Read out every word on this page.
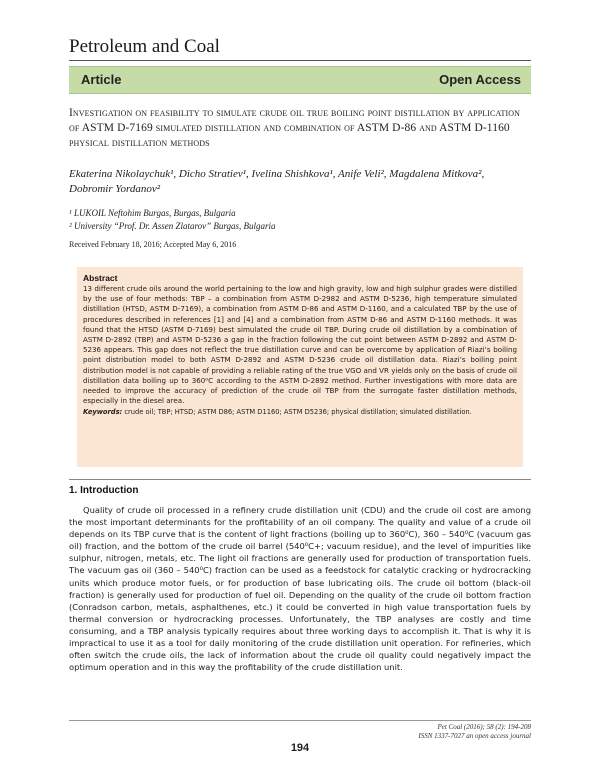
Petroleum and Coal
Article	Open Access
Investigation on feasibility to simulate crude oil true boiling point distillation by application of ASTM D-7169 simulated distillation and combination of ASTM D-86 and ASTM D-1160 physical distillation methods
Ekaterina Nikolaychuk¹, Dicho Stratiev¹, Ivelina Shishkova¹, Anife Veli², Magdalena Mitkova², Dobromir Yordanov²
¹ LUKOIL Neftohim Burgas, Burgas, Bulgaria
² University “Prof. Dr. Assen Zlatarov” Burgas, Bulgaria
Received February 18, 2016; Accepted May 6, 2016
Abstract
13 different crude oils around the world pertaining to the low and high gravity, low and high sulphur grades were distilled by the use of four methods: TBP – a combination from ASTM D-2982 and ASTM D-5236, high temperature simulated distillation (HTSD, ASTM D-7169), a combination from ASTM D-86 and ASTM D-1160, and a calculated TBP by the use of procedures described in references [1] and [4] and a combination from ASTM D-86 and ASTM D-1160 methods. It was found that the HTSD (ASTM D-7169) best simulated the crude oil TBP. During crude oil distillation by a combination of ASTM D-2892 (TBP) and ASTM D-5236 a gap in the fraction following the cut point between ASTM D-2892 and ASTM D-5236 appears. This gap does not reflect the true distillation curve and can be overcome by application of Riazi’s boiling point distribution model to both ASTM D-2892 and ASTM D-5236 crude oil distillation data. Riazi’s boiling point distribution model is not capable of providing a reliable rating of the true VGO and VR yields only on the basis of crude oil distillation data boiling up to 360⁰C according to the ASTM D-2892 method. Further investigations with more data are needed to improve the accuracy of prediction of the crude oil TBP from the surrogate faster distillation methods, especially in the diesel area.
Keywords: crude oil; TBP; HTSD; ASTM D86; ASTM D1160; ASTM D5236; physical distillation; simulated distillation.
1. Introduction
Quality of crude oil processed in a refinery crude distillation unit (CDU) and the crude oil cost are among the most important determinants for the profitability of an oil company. The quality and value of a crude oil depends on its TBP curve that is the content of light fractions (boiling up to 360⁰C), 360 – 540⁰C (vacuum gas oil) fraction, and the bottom of the crude oil barrel (540⁰C+; vacuum residue), and the level of impurities like sulphur, nitrogen, metals, etc. The light oil fractions are generally used for production of transportation fuels. The vacuum gas oil (360 – 540⁰C) fraction can be used as a feedstock for catalytic cracking or hydrocracking units which produce motor fuels, or for production of base lubricating oils. The crude oil bottom (black-oil fraction) is generally used for production of fuel oil. Depending on the quality of the crude oil bottom fraction (Conradson carbon, metals, asphalthenes, etc.) it could be converted in high value transportation fuels by thermal conversion or hydrocracking processes. Unfortunately, the TBP analyses are costly and time consuming, and a TBP analysis typically requires about three working days to accomplish it. That is why it is impractical to use it as a tool for daily monitoring of the crude distillation unit operation. For refineries, which often switch the crude oils, the lack of information about the crude oil quality could negatively impact the optimum operation and in this way the profitability of the crude distillation unit.
Pet Coal (2016); 58 (2): 194-208
ISSN 1337-7027 an open access journal
194
